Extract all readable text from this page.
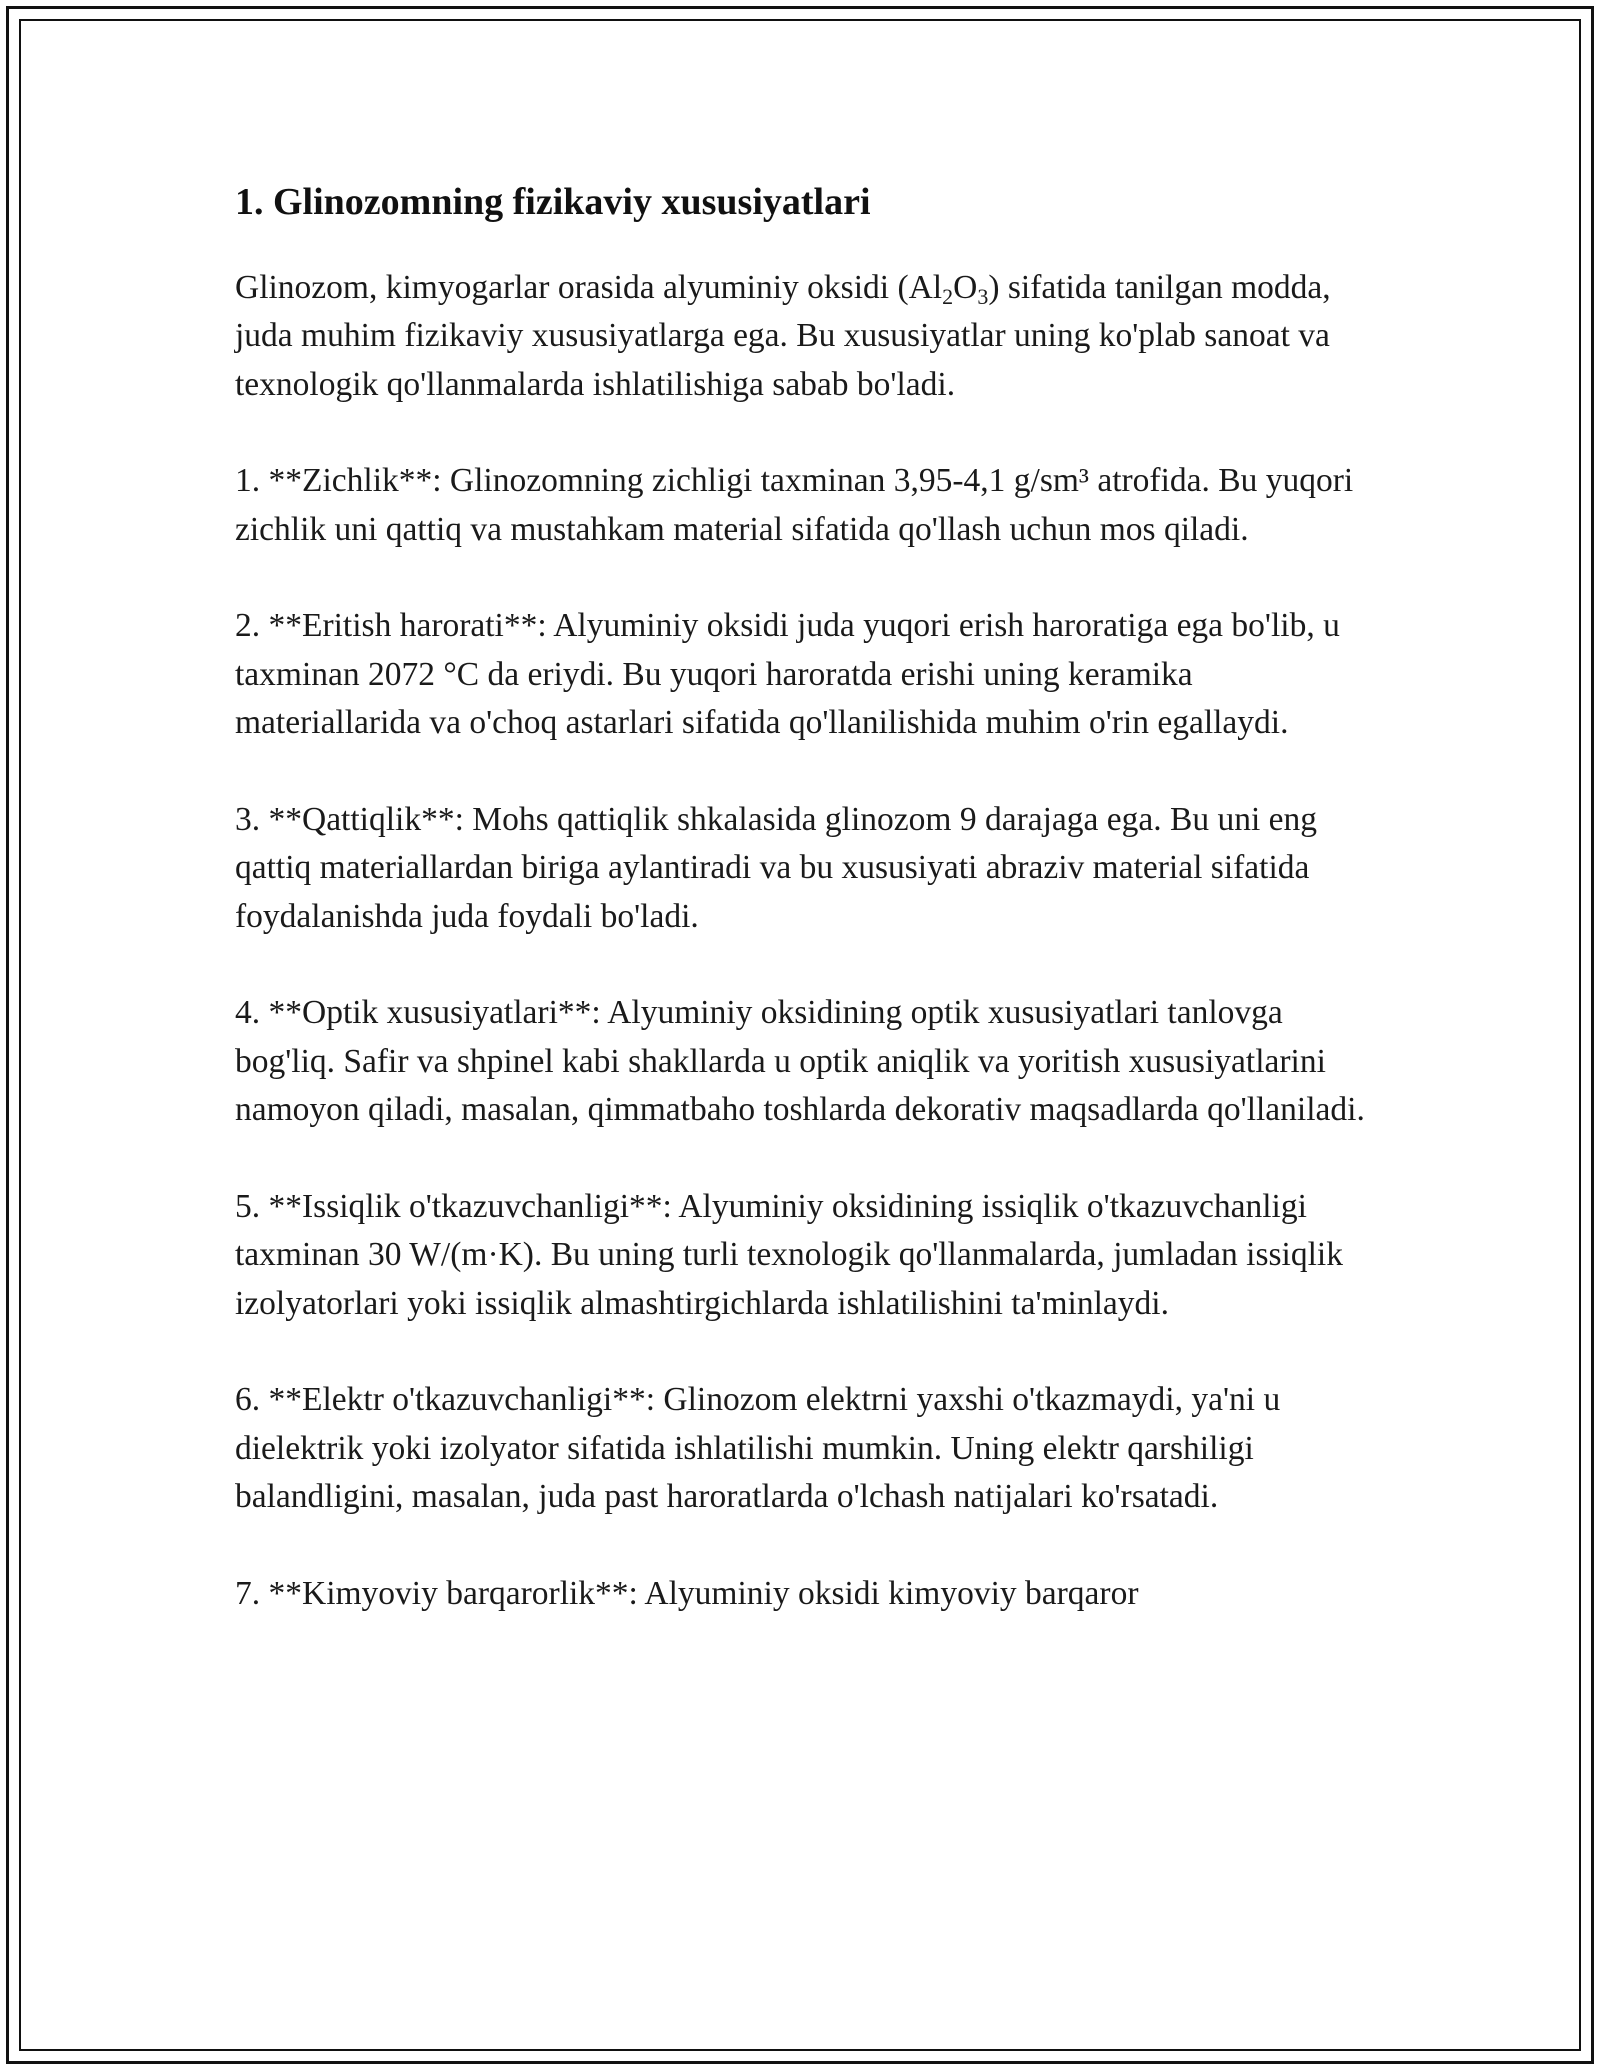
1. Glinozomning fizikaviy xususiyatlari

Glinozom, kimyogarlar orasida alyuminiy oksidi $(Al_2O_3)$ sifatida tanilgan modda, juda muhim fizikaviy xususiyatlarga ega. Bu xususiyatlar uning ko'plab sanoat va texnologik qo'llanmalarda ishlatilishiga sabab bo'ladi.

1. **Zichlik**: Glinozomning zichligi taxminan 3,95-4,1 g/sm³ atrofida. Bu yuqori zichlik uni qattiq va mustahkam material sifatida qo'llash uchun mos qiladi.

2. **Eritish harorati**: Alyuminiy oksidi juda yuqori erish haroratiga ega bo'lib, u taxminan 2072 °C da eriydi. Bu yuqori haroratda erishi uning keramika materiallarida va o'choq astarlari sifatida qo'llanilishida muhim o'rin egallaydi.

3. **Qattiqlik**: Mohs qattiqlik shkalasida glinozom 9 darajaga ega. Bu uni eng qattiq materiallardan biriga aylantiradi va bu xususiyati abraziv material sifatida foydalanishda juda foydali bo'ladi.

4. **Optik xususiyatlari**: Alyuminiy oksidining optik xususiyatlari tanlovga bog'liq. Safir va shpinel kabi shakllarda u optik aniqlik va yoritish xususiyatlarini namoyon qiladi, masalan, qimmatbaho toshlarda dekorativ maqsadlarda qo'llaniladi.

5. **Issiqlik o'tkazuvchanligi**: Alyuminiy oksidining issiqlik o'tkazuvchanligi taxminan 30 W/(m·K). Bu uning turli texnologik qo'llanmalarda, jumladan issiqlik izolyatorlari yoki issiqlik almashtirgichlarda ishlatilishini ta'minlaydi.

6. **Elektr o'tkazuvchanligi**: Glinozom elektrni yaxshi o'tkazmaydi, ya'ni u dielektrik yoki izolyator sifatida ishlatilishi mumkin. Uning elektr qarshiligi balandligini, masalan, juda past haroratlarda o'lchash natijalari ko'rsatadi.

7. **Kimyoviy barqarorlik**: Alyuminiy oksidi kimyoviy barqaror
